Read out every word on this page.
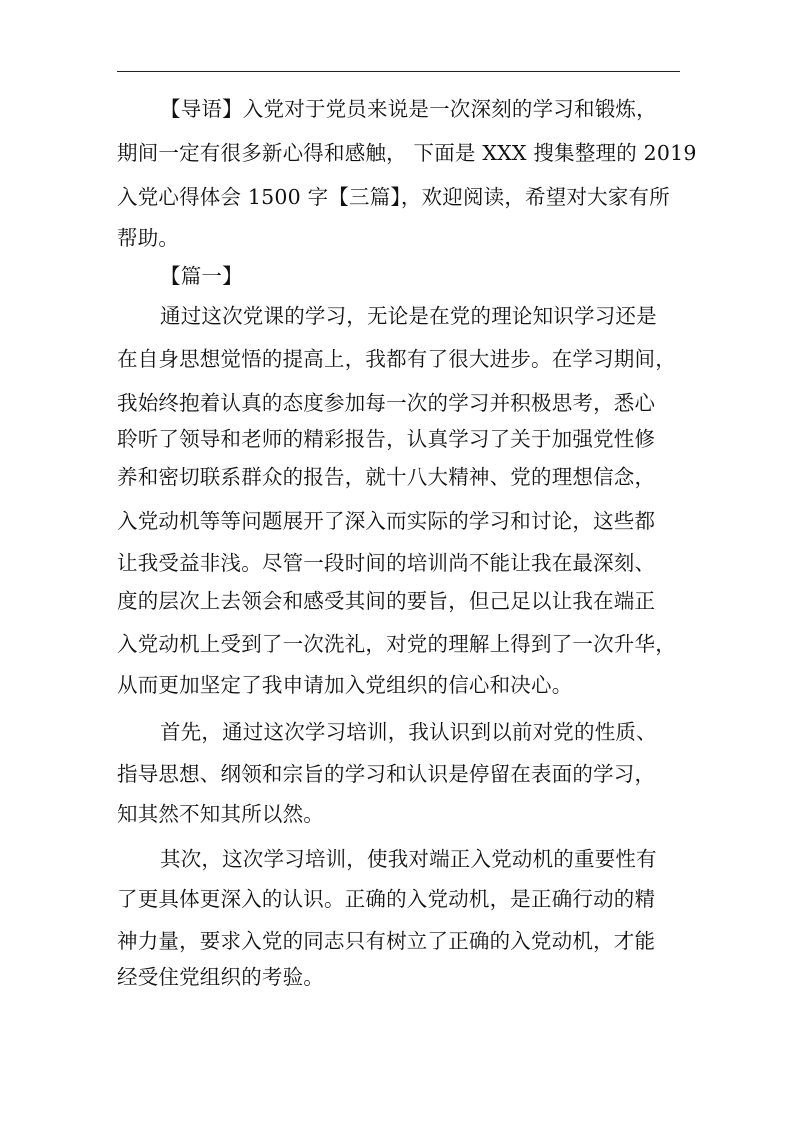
【导语】入党对于党员来说是一次深刻的学习和锻炼，
期间一定有很多新心得和感触， 下面是 XXX 搜集整理的 2019
入党心得体会 1500 字【三篇】，欢迎阅读，希望对大家有所
帮助。
【篇一】
通过这次党课的学习，无论是在党的理论知识学习还是
在自身思想觉悟的提高上，我都有了很大进步。在学习期间，
我始终抱着认真的态度参加每一次的学习并积极思考，悉心
聆听了领导和老师的精彩报告，认真学习了关于加强党性修
养和密切联系群众的报告，就十八大精神、党的理想信念，
入党动机等等问题展开了深入而实际的学习和讨论，这些都
让我受益非浅。尽管一段时间的培训尚不能让我在最深刻、
度的层次上去领会和感受其间的要旨，但己足以让我在端正
入党动机上受到了一次洗礼，对党的理解上得到了一次升华，
从而更加坚定了我申请加入党组织的信心和决心。
首先，通过这次学习培训，我认识到以前对党的性质、
指导思想、纲领和宗旨的学习和认识是停留在表面的学习，
知其然不知其所以然。
其次，这次学习培训，使我对端正入党动机的重要性有
了更具体更深入的认识。正确的入党动机，是正确行动的精
神力量，要求入党的同志只有树立了正确的入党动机，才能
经受住党组织的考验。
